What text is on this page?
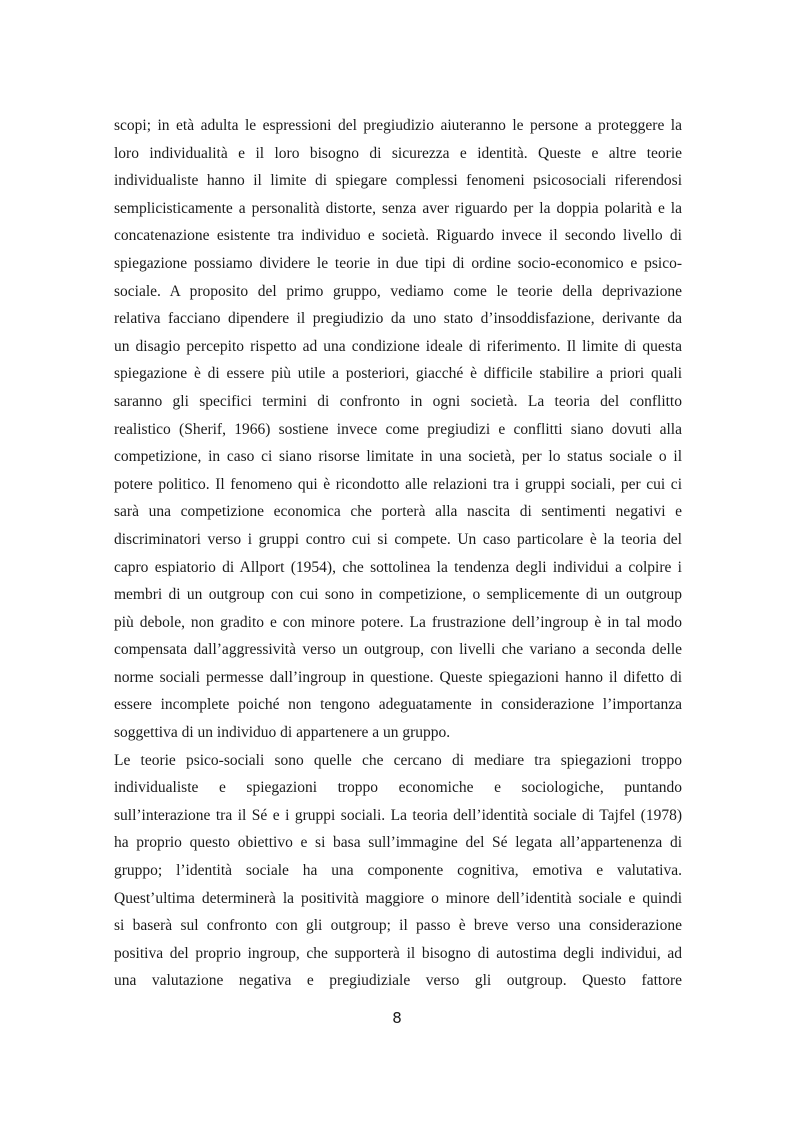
scopi; in età adulta le espressioni del pregiudizio aiuteranno le persone a proteggere la
loro individualità e il loro bisogno di sicurezza e identità. Queste e altre teorie
individualiste hanno il limite di spiegare complessi fenomeni psicosociali riferendosi
semplicisticamente a personalità distorte, senza aver riguardo per la doppia polarità e la
concatenazione esistente tra individuo e società. Riguardo invece il secondo livello di
spiegazione possiamo dividere le teorie in due tipi di ordine socio-economico e psico-
sociale. A proposito del primo gruppo, vediamo come le teorie della deprivazione
relativa facciano dipendere il pregiudizio da uno stato d’insoddisfazione, derivante da
un disagio percepito rispetto ad una condizione ideale di riferimento. Il limite di questa
spiegazione è di essere più utile a posteriori, giacché è difficile stabilire a priori quali
saranno gli specifici termini di confronto in ogni società. La teoria del conflitto
realistico (Sherif, 1966) sostiene invece come pregiudizi e conflitti siano dovuti alla
competizione, in caso ci siano risorse limitate in una società, per lo status sociale o il
potere politico. Il fenomeno qui è ricondotto alle relazioni tra i gruppi sociali, per cui ci
sarà una competizione economica che porterà alla nascita di sentimenti negativi e
discriminatori verso i gruppi contro cui si compete. Un caso particolare è la teoria del
capro espiatorio di Allport (1954), che sottolinea la tendenza degli individui a colpire i
membri di un outgroup con cui sono in competizione, o semplicemente di un outgroup
più debole, non gradito e con minore potere. La frustrazione dell’ingroup è in tal modo
compensata dall’aggressività verso un outgroup, con livelli che variano a seconda delle
norme sociali permesse dall’ingroup in questione. Queste spiegazioni hanno il difetto di
essere incomplete poiché non tengono adeguatamente in considerazione l’importanza
soggettiva di un individuo di appartenere a un gruppo.
Le teorie psico-sociali sono quelle che cercano di mediare tra spiegazioni troppo
individualiste e spiegazioni troppo economiche e sociologiche, puntando
sull’interazione tra il Sé e i gruppi sociali. La teoria dell’identità sociale di Tajfel (1978)
ha proprio questo obiettivo e si basa sull’immagine del Sé legata all’appartenenza di
gruppo; l’identità sociale ha una componente cognitiva, emotiva e valutativa.
Quest’ultima determinerà la positività maggiore o minore dell’identità sociale e quindi
si baserà sul confronto con gli outgroup; il passo è breve verso una considerazione
positiva del proprio ingroup, che supporterà il bisogno di autostima degli individui, ad
una valutazione negativa e pregiudiziale verso gli outgroup. Questo fattore
8
